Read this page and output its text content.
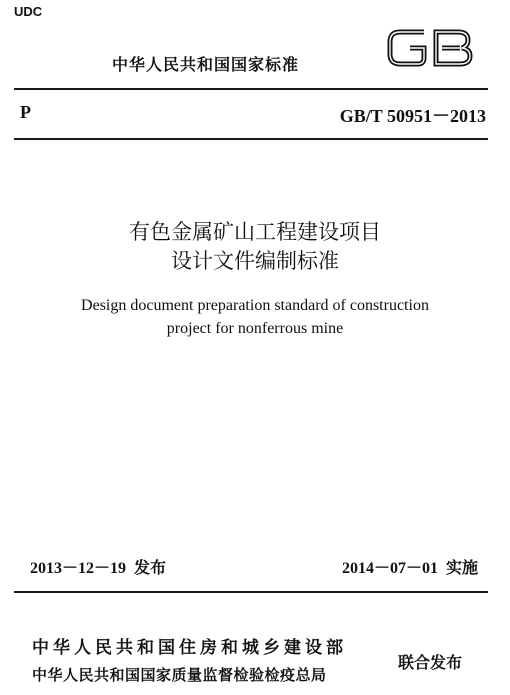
UDC
中华人民共和国国家标准
P	GB/T 50951－2013
有色金属矿山工程建设项目
设计文件编制标准
Design document preparation standard of construction
project for nonferrous mine
2013－12－19 发布	2014－07－01 实施
中华人民共和国住房和城乡建设部
中华人民共和国国家质量监督检验检疫总局
联合发布
